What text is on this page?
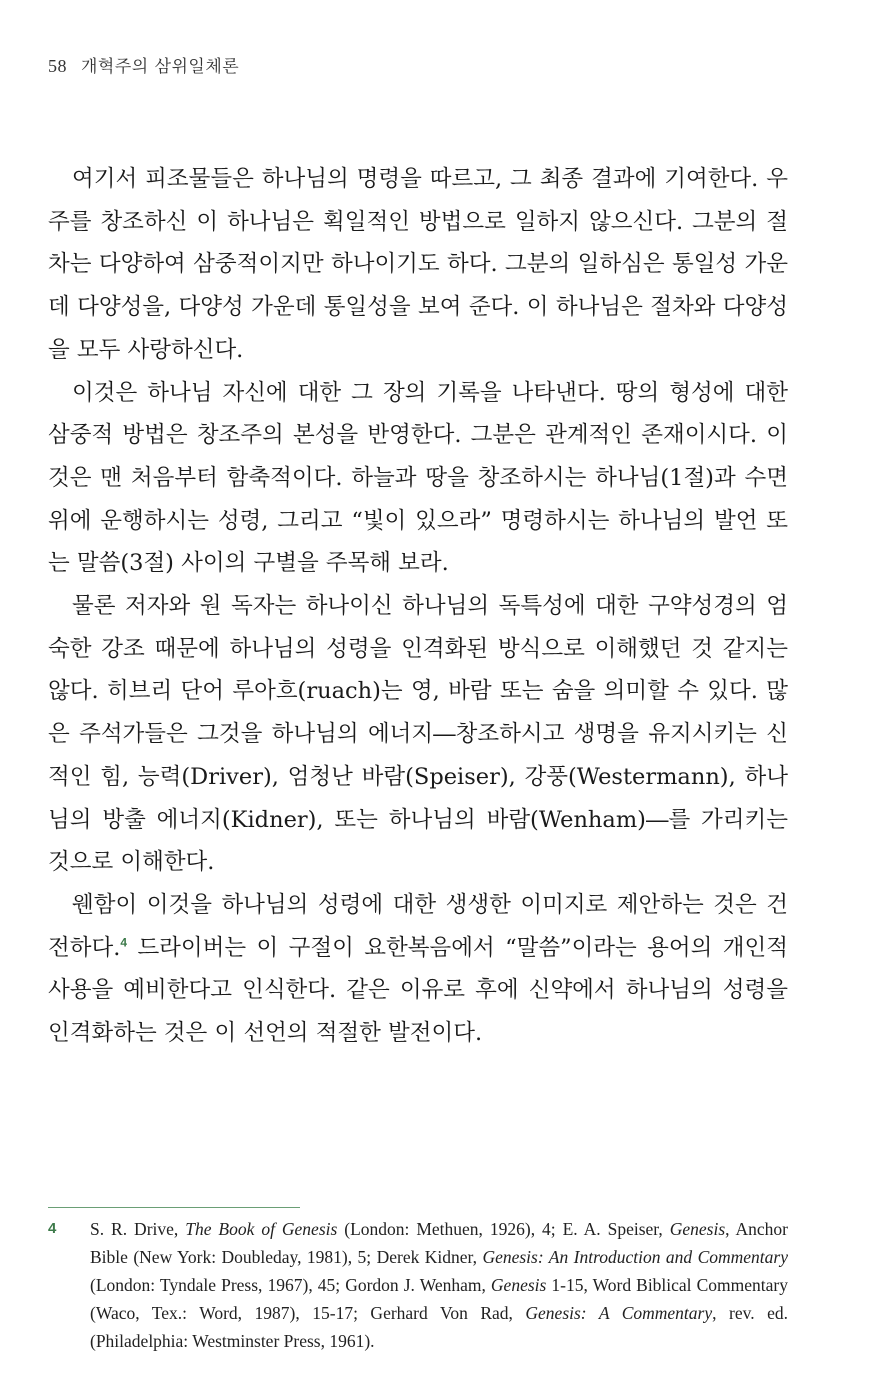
58 개혁주의 삼위일체론

여기서 피조물들은 하나님의 명령을 따르고, 그 최종 결과에 기여한다. 우주를 창조하신 이 하나님은 획일적인 방법으로 일하지 않으신다. 그분의 절차는 다양하여 삼중적이지만 하나이기도 하다. 그분의 일하심은 통일성 가운데 다양성을, 다양성 가운데 통일성을 보여 준다. 이 하나님은 절차와 다양성을 모두 사랑하신다.

이것은 하나님 자신에 대한 그 장의 기록을 나타낸다. 땅의 형성에 대한 삼중적 방법은 창조주의 본성을 반영한다. 그분은 관계적인 존재이시다. 이것은 맨 처음부터 함축적이다. 하늘과 땅을 창조하시는 하나님(1절)과 수면 위에 운행하시는 성령, 그리고 “빛이 있으라” 명령하시는 하나님의 발언 또는 말씀(3절) 사이의 구별을 주목해 보라.

물론 저자와 원 독자는 하나이신 하나님의 독특성에 대한 구약성경의 엄숙한 강조 때문에 하나님의 성령을 인격화된 방식으로 이해했던 것 같지는 않다. 히브리 단어 루아흐(ruach)는 영, 바람 또는 숨을 의미할 수 있다. 많은 주석가들은 그것을 하나님의 에너지―창조하시고 생명을 유지시키는 신적인 힘, 능력(Driver), 엄청난 바람(Speiser), 강풍(Westermann), 하나님의 방출 에너지(Kidner), 또는 하나님의 바람(Wenham)―를 가리키는 것으로 이해한다.

웬함이 이것을 하나님의 성령에 대한 생생한 이미지로 제안하는 것은 건전하다.$^4$ 드라이버는 이 구절이 요한복음에서 “말씀”이라는 용어의 개인적 사용을 예비한다고 인식한다. 같은 이유로 후에 신약에서 하나님의 성령을 인격화하는 것은 이 선언의 적절한 발전이다.

4	S. R. Drive, The Book of Genesis (London: Methuen, 1926), 4; E. A. Speiser, Genesis, Anchor Bible (New York: Doubleday, 1981), 5; Derek Kidner, Genesis: An Introduction and Commentary (London: Tyndale Press, 1967), 45; Gordon J. Wenham, Genesis 1-15, Word Biblical Commentary (Waco, Tex.: Word, 1987), 15-17; Gerhard Von Rad, Genesis: A Commentary, rev. ed. (Philadelphia: Westminster Press, 1961).
